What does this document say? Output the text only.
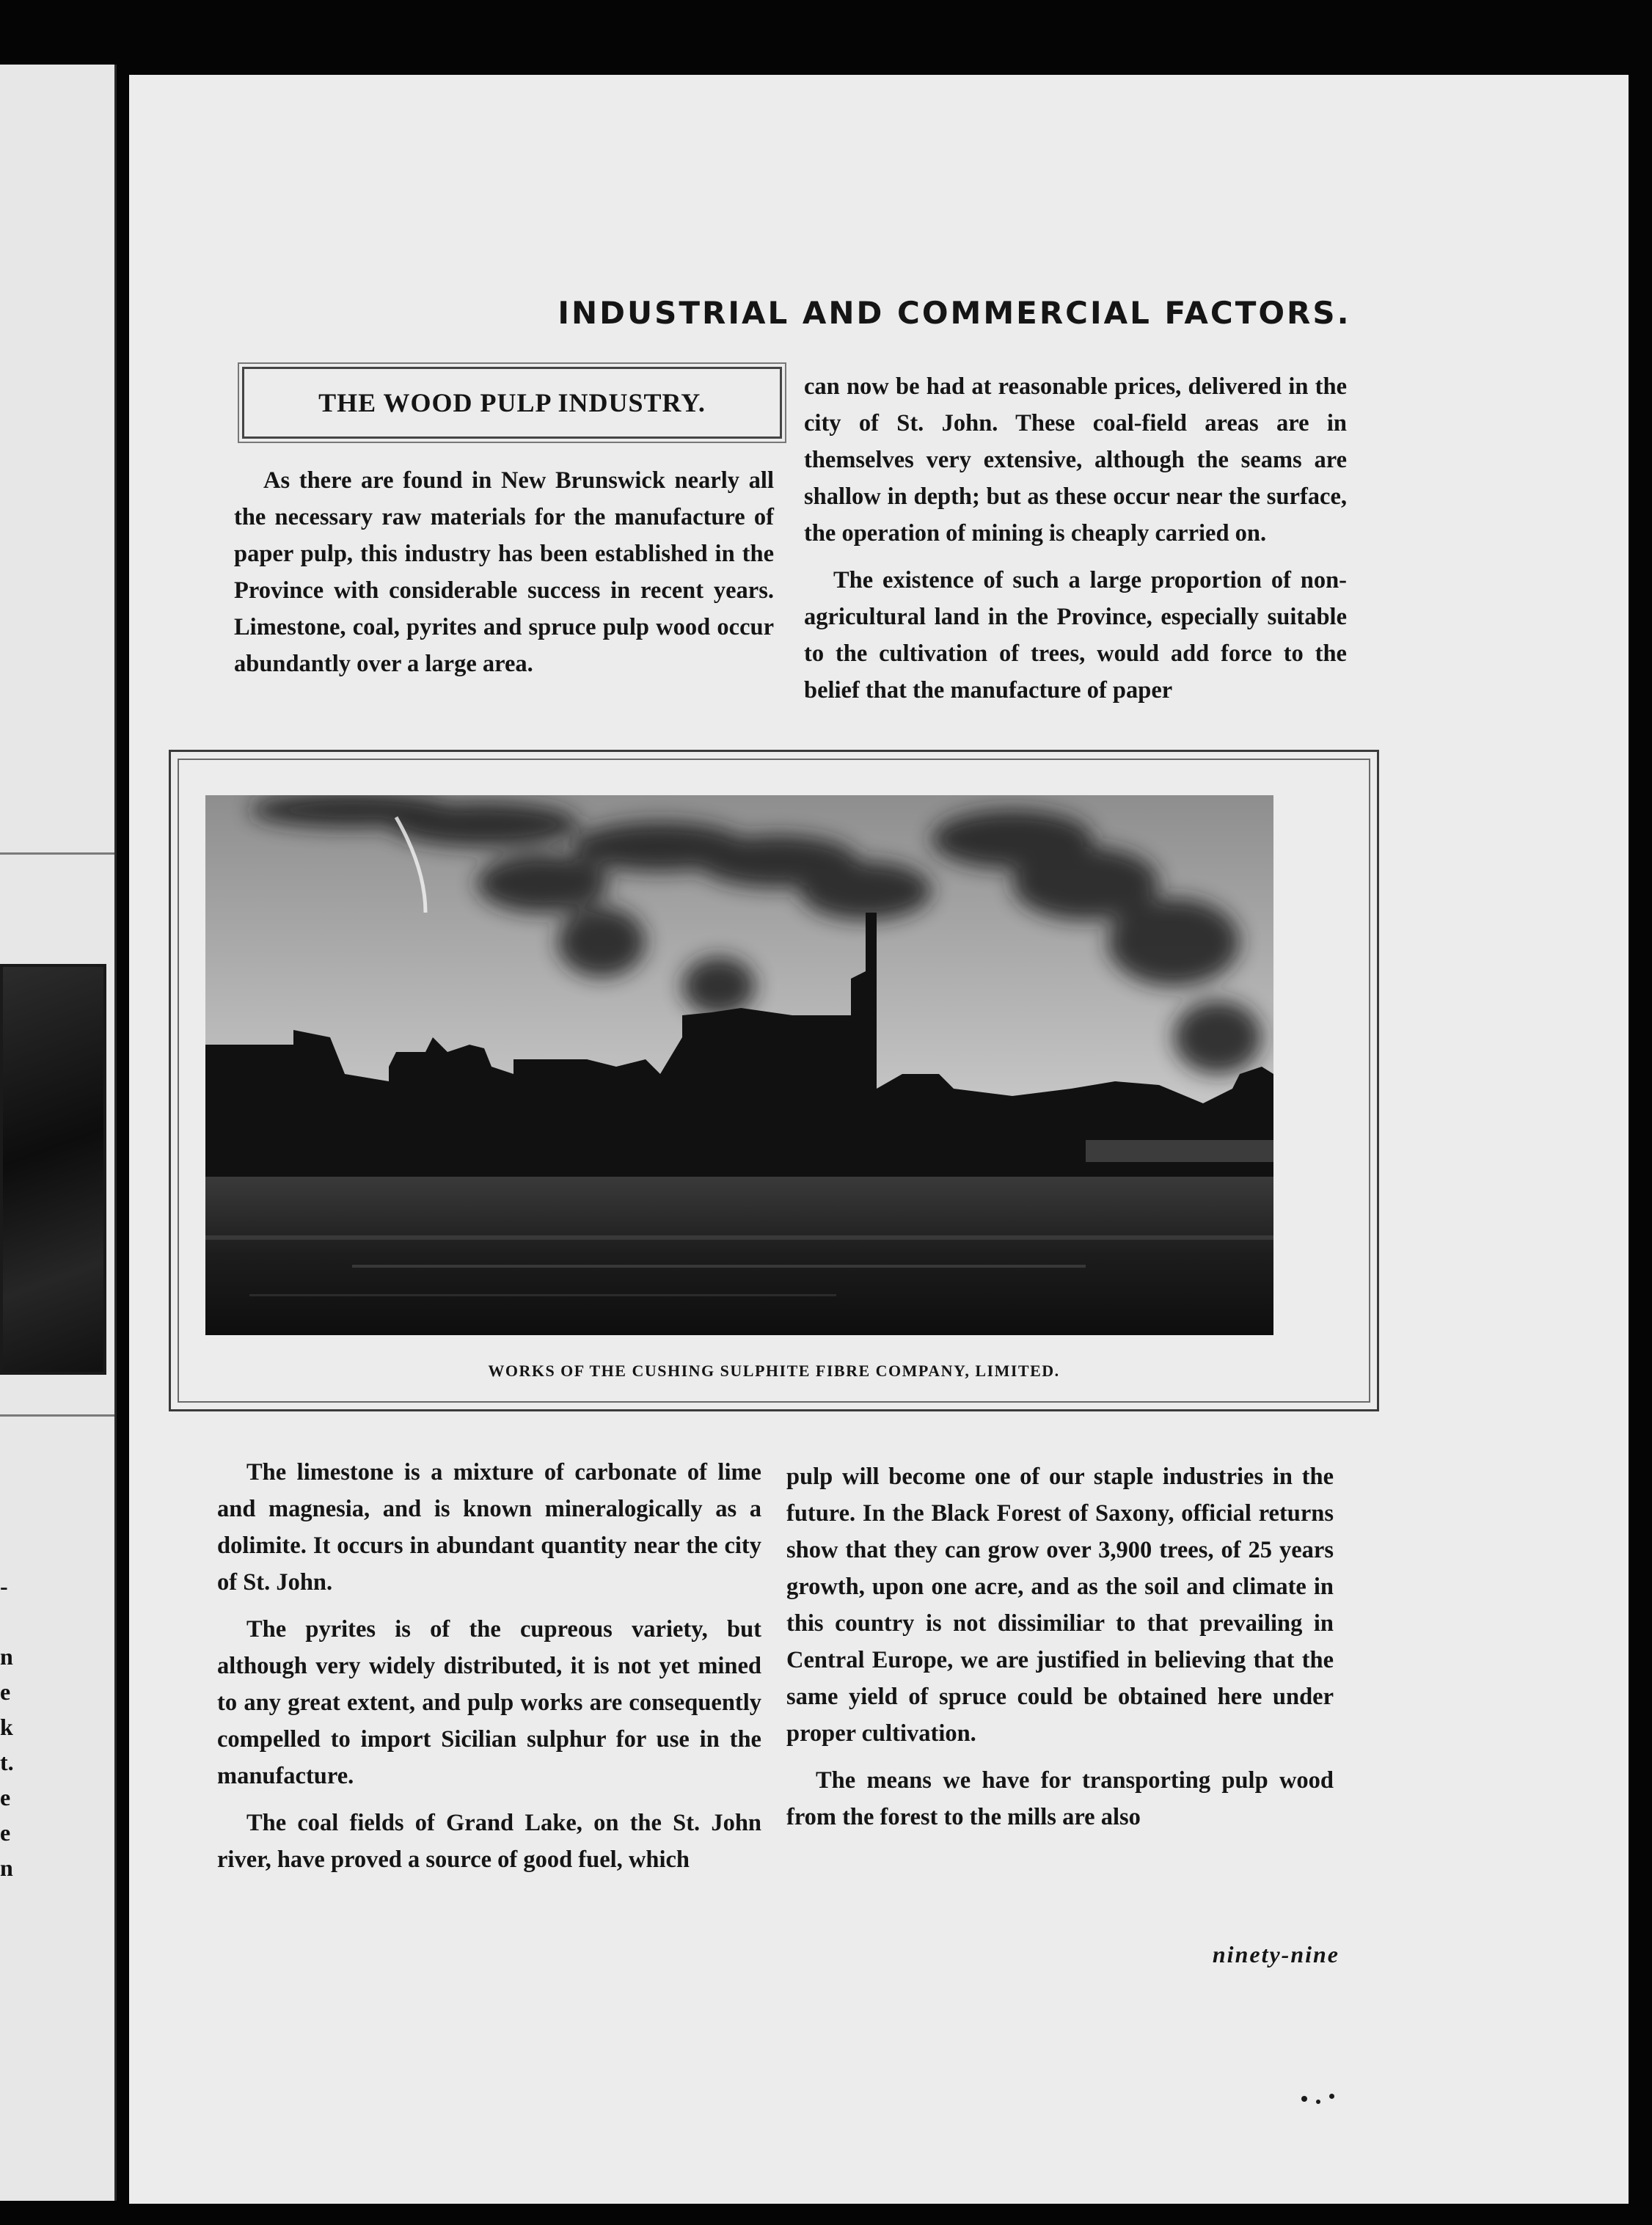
-
n
e
k
t.
e
e
n
INDUSTRIAL AND COMMERCIAL FACTORS.
THE WOOD PULP INDUSTRY.

As there are found in New Brunswick nearly all the necessary raw materials for the manufacture of paper pulp, this industry has been established in the Province with considerable success in recent years. Limestone, coal, pyrites and spruce pulp wood occur abundantly over a large area.

can now be had at reasonable prices, delivered in the city of St. John. These coal-field areas are in themselves very extensive, although the seams are shallow in depth; but as these occur near the surface, the operation of mining is cheaply carried on.

The existence of such a large proportion of non-agricultural land in the Province, especially suitable to the cultivation of trees, would add force to the belief that the manufacture of paper

WORKS OF THE CUSHING SULPHITE FIBRE COMPANY, LIMITED.

The limestone is a mixture of carbonate of lime and magnesia, and is known mineralogically as a dolimite. It occurs in abundant quantity near the city of St. John.

The pyrites is of the cupreous variety, but although very widely distributed, it is not yet mined to any great extent, and pulp works are consequently compelled to import Sicilian sulphur for use in the manufacture.

The coal fields of Grand Lake, on the St. John river, have proved a source of good fuel, which

pulp will become one of our staple industries in the future. In the Black Forest of Saxony, official returns show that they can grow over 3,900 trees, of 25 years growth, upon one acre, and as the soil and climate in this country is not dissimiliar to that prevailing in Central Europe, we are justified in believing that the same yield of spruce could be obtained here under proper cultivation.

The means we have for transporting pulp wood from the forest to the mills are also

ninety-nine
